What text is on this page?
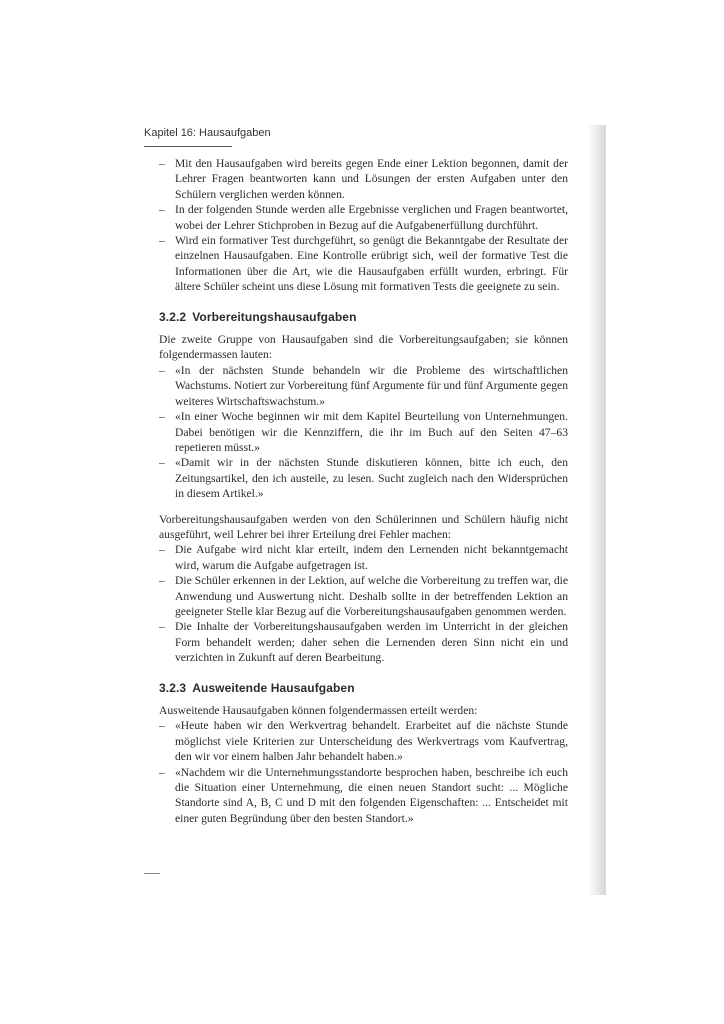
Kapitel 16: Hausaufgaben
– Mit den Hausaufgaben wird bereits gegen Ende einer Lektion begonnen, damit der Lehrer Fragen beantworten kann und Lösungen der ersten Aufgaben unter den Schülern verglichen werden können.
– In der folgenden Stunde werden alle Ergebnisse verglichen und Fragen beantwortet, wobei der Lehrer Stichproben in Bezug auf die Aufgabenerfüllung durchführt.
– Wird ein formativer Test durchgeführt, so genügt die Bekanntgabe der Resultate der einzelnen Hausaufgaben. Eine Kontrolle erübrigt sich, weil der formative Test die Informationen über die Art, wie die Hausaufgaben erfüllt wurden, erbringt. Für ältere Schüler scheint uns diese Lösung mit formativen Tests die geeignete zu sein.
3.2.2 Vorbereitungshausaufgaben

Die zweite Gruppe von Hausaufgaben sind die Vorbereitungsaufgaben; sie können folgendermassen lauten:

– «In der nächsten Stunde behandeln wir die Probleme des wirtschaftlichen Wachstums. Notiert zur Vorbereitung fünf Argumente für und fünf Argumente gegen weiteres Wirtschaftswachstum.»
– «In einer Woche beginnen wir mit dem Kapitel Beurteilung von Unternehmungen. Dabei benötigen wir die Kennziffern, die ihr im Buch auf den Seiten 47–63 repetieren müsst.»
– «Damit wir in der nächsten Stunde diskutieren können, bitte ich euch, den Zeitungsartikel, den ich austeile, zu lesen. Sucht zugleich nach den Widersprüchen in diesem Artikel.»

Vorbereitungshausaufgaben werden von den Schülerinnen und Schülern häufig nicht ausgeführt, weil Lehrer bei ihrer Erteilung drei Fehler machen:

– Die Aufgabe wird nicht klar erteilt, indem den Lernenden nicht bekanntgemacht wird, warum die Aufgabe aufgetragen ist.
– Die Schüler erkennen in der Lektion, auf welche die Vorbereitung zu treffen war, die Anwendung und Auswertung nicht. Deshalb sollte in der betreffenden Lektion an geeigneter Stelle klar Bezug auf die Vorbereitungshausaufgaben genommen werden.
– Die Inhalte der Vorbereitungshausaufgaben werden im Unterricht in der gleichen Form behandelt werden; daher sehen die Lernenden deren Sinn nicht ein und verzichten in Zukunft auf deren Bearbeitung.
3.2.3 Ausweitende Hausaufgaben

Ausweitende Hausaufgaben können folgendermassen erteilt werden:

– «Heute haben wir den Werkvertrag behandelt. Erarbeitet auf die nächste Stunde möglichst viele Kriterien zur Unterscheidung des Werkvertrags vom Kaufvertrag, den wir vor einem halben Jahr behandelt haben.»
– «Nachdem wir die Unternehmungsstandorte besprochen haben, beschreibe ich euch die Situation einer Unternehmung, die einen neuen Standort sucht: ... Mögliche Standorte sind A, B, C und D mit den folgenden Eigenschaften: ... Entscheidet mit einer guten Begründung über den besten Standort.»
